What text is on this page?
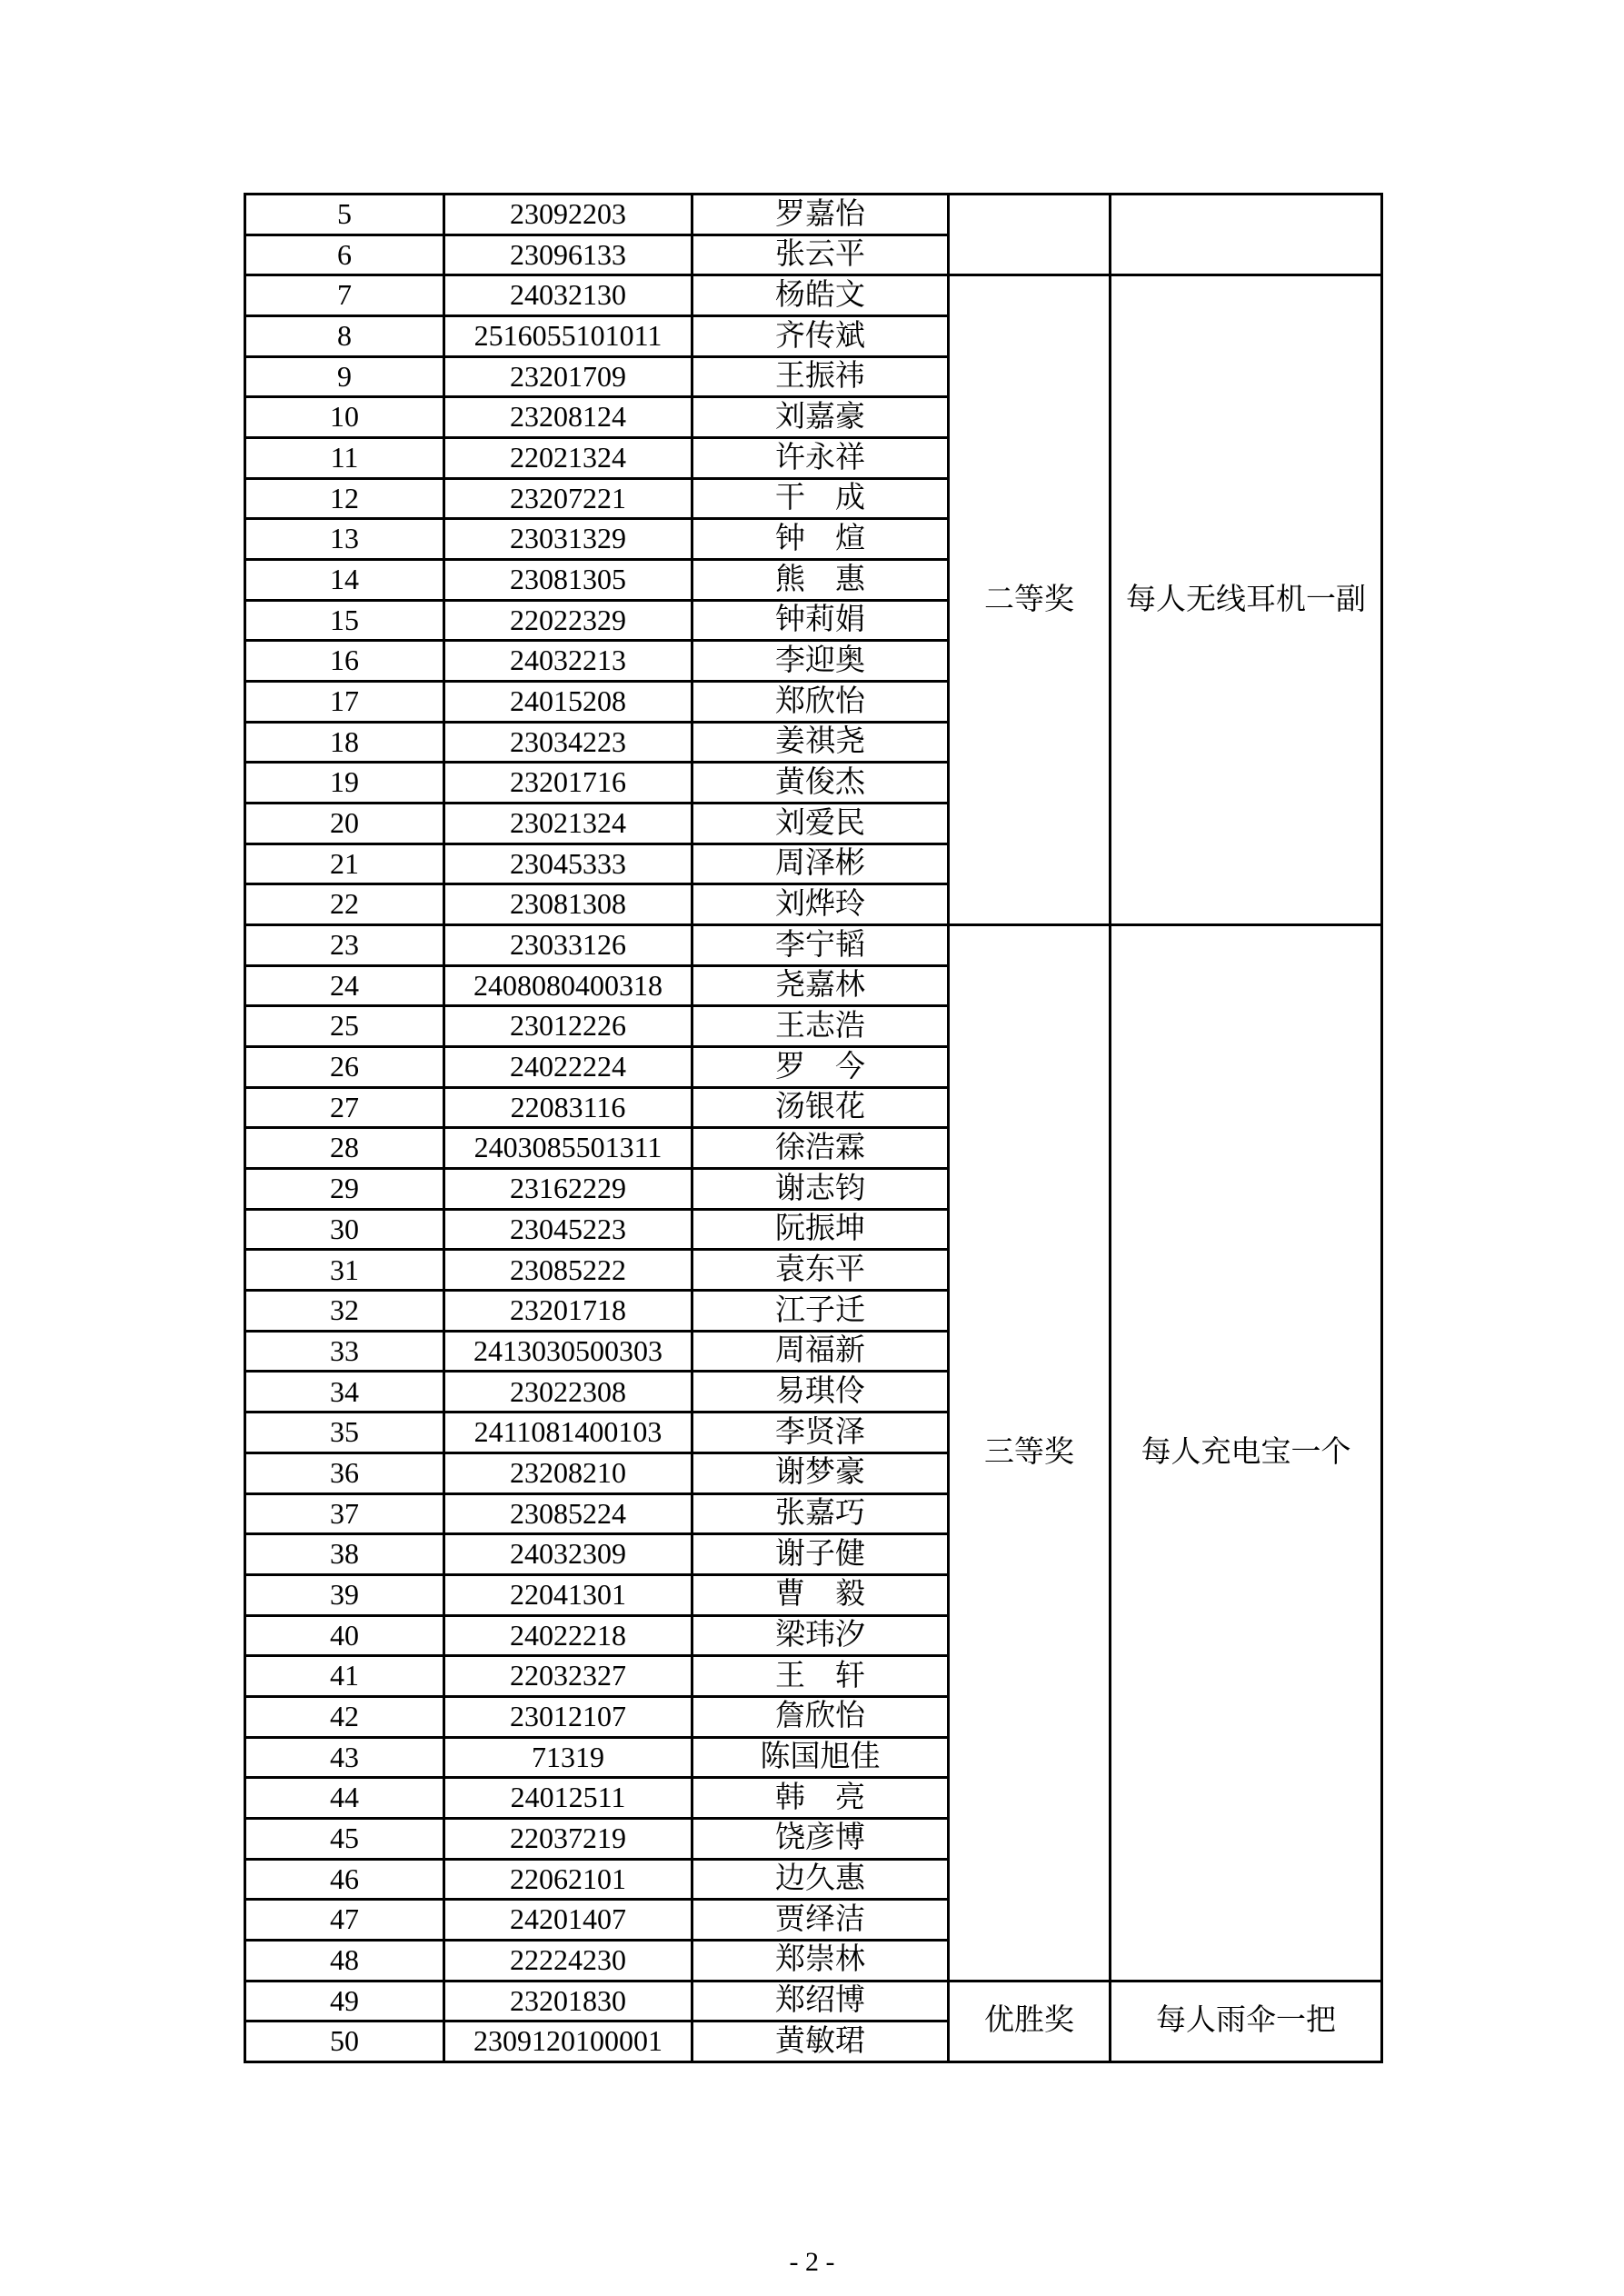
5	23092203	罗嘉怡		
6	23096133	张云平		
7	24032130	杨皓文	二等奖	每人无线耳机一副
8	2516055101011	齐传斌		
9	23201709	王振祎		
10	23208124	刘嘉豪		
11	22021324	许永祥		
12	23207221	干　成		
13	23031329	钟　煊		
14	23081305	熊　惠		
15	22022329	钟莉娟		
16	24032213	李迎奥		
17	24015208	郑欣怡		
18	23034223	姜祺尧		
19	23201716	黄俊杰		
20	23021324	刘爱民		
21	23045333	周泽彬		
22	23081308	刘烨玲		
23	23033126	李宁韬	三等奖	每人充电宝一个
24	2408080400318	尧嘉林		
25	23012226	王志浩		
26	24022224	罗　今		
27	22083116	汤银花		
28	2403085501311	徐浩霖		
29	23162229	谢志钧		
30	23045223	阮振坤		
31	23085222	袁东平		
32	23201718	江子迁		
33	2413030500303	周福新		
34	23022308	易琪伶		
35	2411081400103	李贤泽		
36	23208210	谢梦豪		
37	23085224	张嘉巧		
38	24032309	谢子健		
39	22041301	曹　毅		
40	24022218	梁玮汐		
41	22032327	王　轩		
42	23012107	詹欣怡		
43	71319	陈国旭佳		
44	24012511	韩　亮		
45	22037219	饶彦博		
46	22062101	边久惠		
47	24201407	贾绎洁		
48	22224230	郑崇林		
49	23201830	郑绍博	优胜奖	每人雨伞一把
50	2309120100001	黄敏珺		
- 2 -
